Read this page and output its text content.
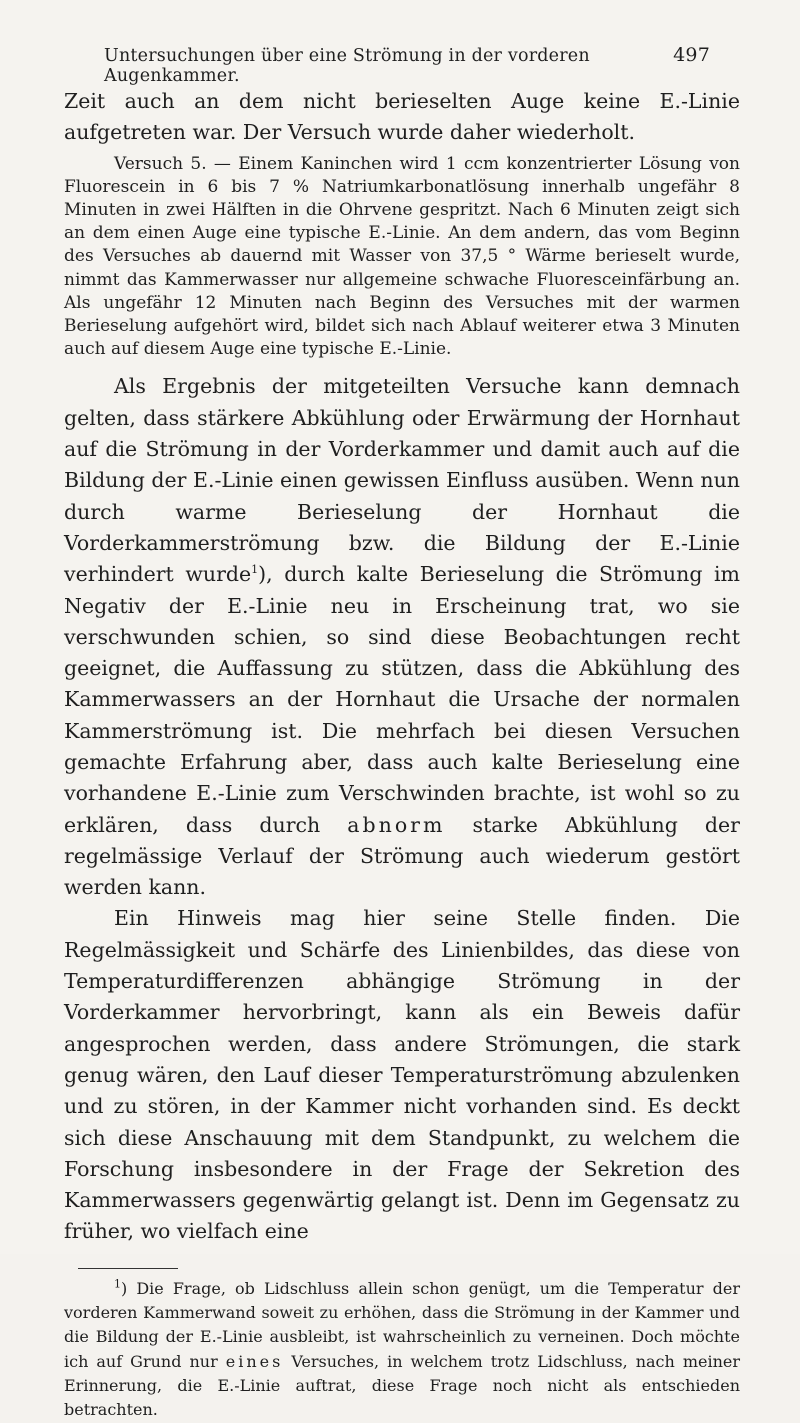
Untersuchungen über eine Strömung in der vorderen Augenkammer.
497

Zeit auch an dem nicht berieselten Auge keine E.-Linie aufgetreten war. Der Versuch wurde daher wiederholt.

Versuch 5. — Einem Kaninchen wird 1 ccm konzentrierter Lösung von Fluorescein in 6 bis 7 % Natriumkarbonatlösung innerhalb ungefähr 8 Minuten in zwei Hälften in die Ohrvene gespritzt. Nach 6 Minuten zeigt sich an dem einen Auge eine typische E.-Linie. An dem andern, das vom Beginn des Versuches ab dauernd mit Wasser von 37,5 ° Wärme berieselt wurde, nimmt das Kammerwasser nur allgemeine schwache Fluoresceinfärbung an. Als ungefähr 12 Minuten nach Beginn des Versuches mit der warmen Berieselung aufgehört wird, bildet sich nach Ablauf weiterer etwa 3 Minuten auch auf diesem Auge eine typische E.-Linie.

Als Ergebnis der mitgeteilten Versuche kann demnach gelten, dass stärkere Abkühlung oder Erwärmung der Hornhaut auf die Strömung in der Vorderkammer und damit auch auf die Bildung der E.-Linie einen gewissen Einfluss ausüben. Wenn nun durch warme Berieselung der Hornhaut die Vorderkammerströmung bzw. die Bildung der E.-Linie verhindert wurde$^1$), durch kalte Berieselung die Strömung im Negativ der E.-Linie neu in Erscheinung trat, wo sie verschwunden schien, so sind diese Beobachtungen recht geeignet, die Auffassung zu stützen, dass die Abkühlung des Kammerwassers an der Hornhaut die Ursache der normalen Kammerströmung ist. Die mehrfach bei diesen Versuchen gemachte Erfahrung aber, dass auch kalte Berieselung eine vorhandene E.-Linie zum Verschwinden brachte, ist wohl so zu erklären, dass durch abnorm starke Abkühlung der regelmässige Verlauf der Strömung auch wiederum gestört werden kann.

Ein Hinweis mag hier seine Stelle finden. Die Regelmässigkeit und Schärfe des Linienbildes, das diese von Temperaturdifferenzen abhängige Strömung in der Vorderkammer hervorbringt, kann als ein Beweis dafür angesprochen werden, dass andere Strömungen, die stark genug wären, den Lauf dieser Temperaturströmung abzulenken und zu stören, in der Kammer nicht vorhanden sind. Es deckt sich diese Anschauung mit dem Standpunkt, zu welchem die Forschung insbesondere in der Frage der Sekretion des Kammerwassers gegenwärtig gelangt ist. Denn im Gegensatz zu früher, wo vielfach eine

$^1$) Die Frage, ob Lidschluss allein schon genügt, um die Temperatur der vorderen Kammerwand soweit zu erhöhen, dass die Strömung in der Kammer und die Bildung der E.-Linie ausbleibt, ist wahrscheinlich zu verneinen. Doch möchte ich auf Grund nur eines Versuches, in welchem trotz Lidschluss, nach meiner Erinnerung, die E.-Linie auftrat, diese Frage noch nicht als entschieden betrachten.
